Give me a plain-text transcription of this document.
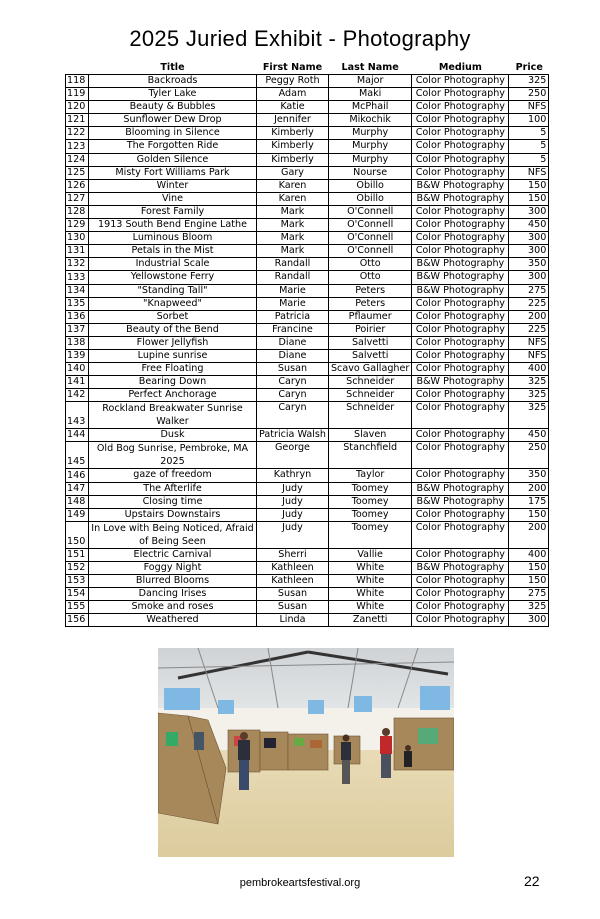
2025 Juried Exhibit - Photography
	Title	First Name	Last Name	Medium	Price
118	Backroads	Peggy Roth	Major	Color Photography	325
119	Tyler Lake	Adam	Maki	Color Photography	250
120	Beauty & Bubbles	Katie	McPhail	Color Photography	NFS
121	Sunflower Dew Drop	Jennifer	Mikochik	Color Photography	100
122	Blooming in Silence	Kimberly	Murphy	Color Photography	5
123	The Forgotten Ride	Kimberly	Murphy	Color Photography	5
124	Golden Silence	Kimberly	Murphy	Color Photography	5
125	Misty Fort Williams Park	Gary	Nourse	Color Photography	NFS
126	Winter	Karen	Obillo	B&W Photography	150
127	Vine	Karen	Obillo	B&W Photography	150
128	Forest Family	Mark	O'Connell	Color Photography	300
129	1913 South Bend Engine Lathe	Mark	O'Connell	Color Photography	450
130	Luminous Bloom	Mark	O'Connell	Color Photography	300
131	Petals in the Mist	Mark	O'Connell	Color Photography	300
132	Industrial Scale	Randall	Otto	B&W Photography	350
133	Yellowstone Ferry	Randall	Otto	B&W Photography	300
134	"Standing Tall"	Marie	Peters	B&W Photography	275
135	"Knapweed"	Marie	Peters	Color Photography	225
136	Sorbet	Patricia	Pflaumer	Color Photography	200
137	Beauty of the Bend	Francine	Poirier	Color Photography	225
138	Flower Jellyfish	Diane	Salvetti	Color Photography	NFS
139	Lupine sunrise	Diane	Salvetti	Color Photography	NFS
140	Free Floating	Susan	Scavo Gallagher	Color Photography	400
141	Bearing Down	Caryn	Schneider	B&W Photography	325
142	Perfect Anchorage	Caryn	Schneider	Color Photography	325
143	Rockland Breakwater Sunrise Walker	Caryn	Schneider	Color Photography	325
144	Dusk	Patricia Walsh	Slaven	Color Photography	450
145	Old Bog Sunrise, Pembroke, MA 2025	George	Stanchfield	Color Photography	250
146	gaze of freedom	Kathryn	Taylor	Color Photography	350
147	The Afterlife	Judy	Toomey	B&W Photography	200
148	Closing time	Judy	Toomey	B&W Photography	175
149	Upstairs Downstairs	Judy	Toomey	Color Photography	150
150	In Love with Being Noticed, Afraid of Being Seen	Judy	Toomey	Color Photography	200
151	Electric Carnival	Sherri	Vallie	Color Photography	400
152	Foggy Night	Kathleen	White	B&W Photography	150
153	Blurred Blooms	Kathleen	White	Color Photography	150
154	Dancing Irises	Susan	White	Color Photography	275
155	Smoke and roses	Susan	White	Color Photography	325
156	Weathered	Linda	Zanetti	Color Photography	300
pembrokeartsfestival.org	22
